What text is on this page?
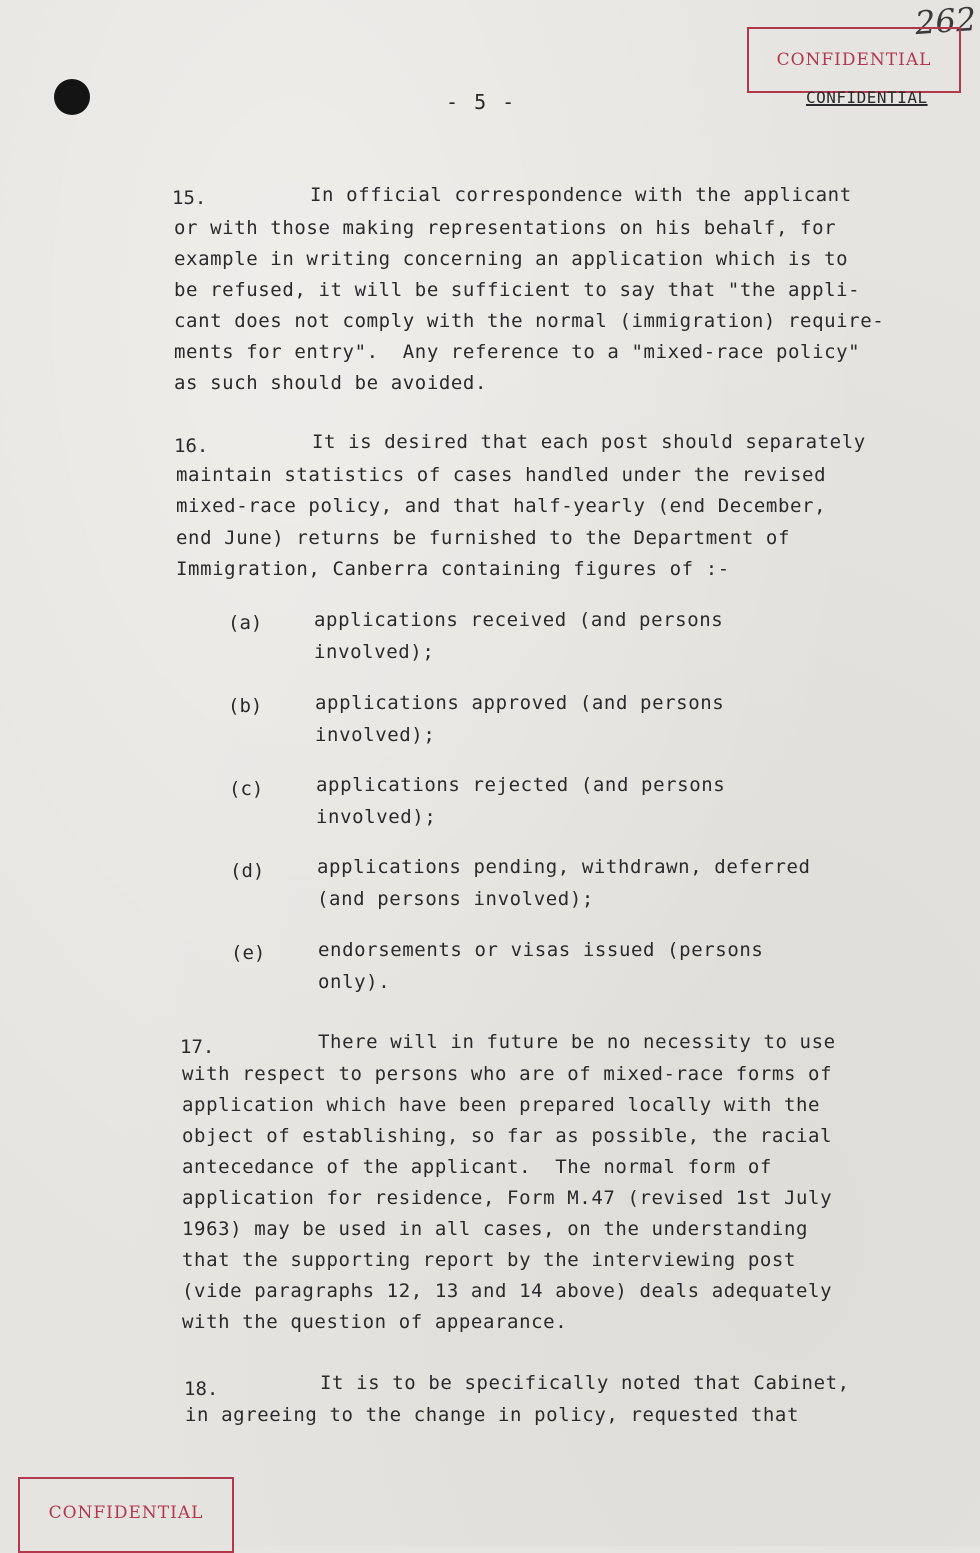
262
CONFIDENTIAL
CONFIDENTIAL
- 5 -
15.	In official correspondence with the applicant
or with those making representations on his behalf, for
example in writing concerning an application which is to
be refused, it will be sufficient to say that "the appli-
cant does not comply with the normal (immigration) require-
ments for entry".  Any reference to a "mixed-race policy"
as such should be avoided.
16.	It is desired that each post should separately
maintain statistics of cases handled under the revised
mixed-race policy, and that half-yearly (end December,
end June) returns be furnished to the Department of
Immigration, Canberra containing figures of :-
(a)	applications received (and persons
involved);
(b)	applications approved (and persons
involved);
(c)	applications rejected (and persons
involved);
(d)	applications pending, withdrawn, deferred
(and persons involved);
(e)	endorsements or visas issued (persons
only).
17.	There will in future be no necessity to use
with respect to persons who are of mixed-race forms of
application which have been prepared locally with the
object of establishing, so far as possible, the racial
antecedance of the applicant.  The normal form of
application for residence, Form M.47 (revised 1st July
1963) may be used in all cases, on the understanding
that the supporting report by the interviewing post
(vide paragraphs 12, 13 and 14 above) deals adequately
with the question of appearance.
18.	It is to be specifically noted that Cabinet,
in agreeing to the change in policy, requested that
CONFIDENTIAL
